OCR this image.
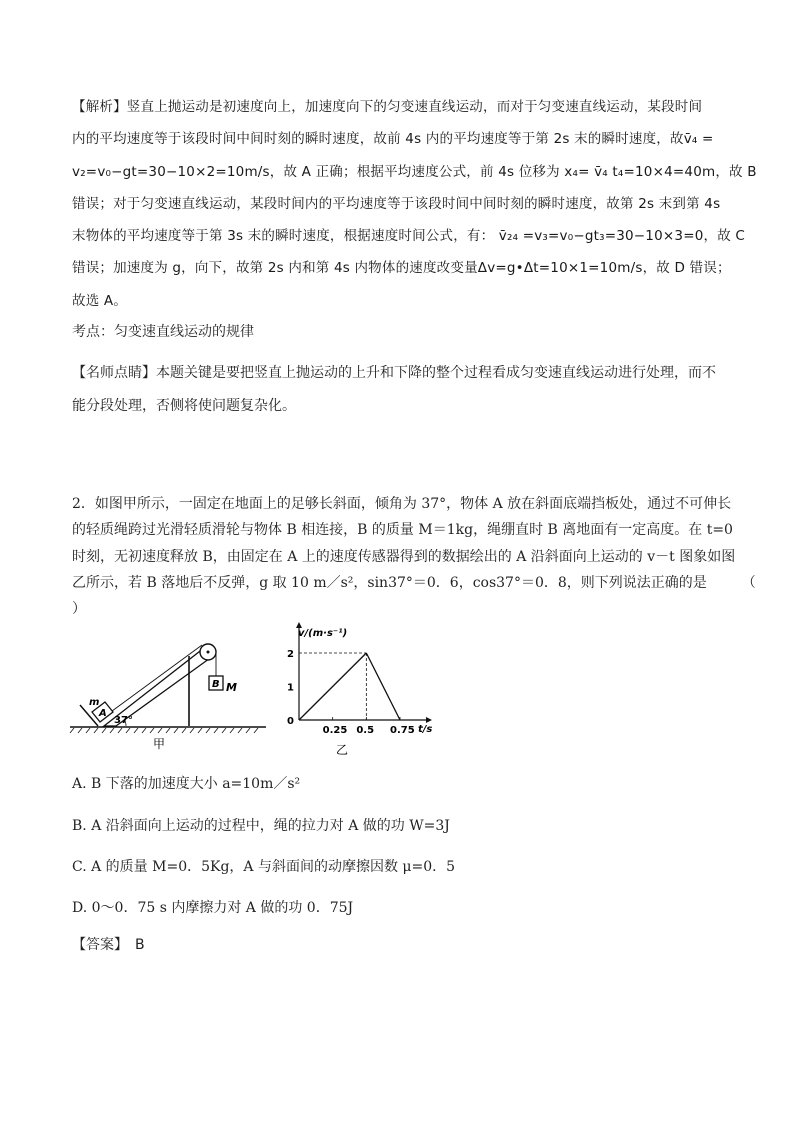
【解析】竖直上抛运动是初速度向上，加速度向下的匀变速直线运动，而对于匀变速直线运动，某段时间
内的平均速度等于该段时间中间时刻的瞬时速度，故前 4s 内的平均速度等于第 2s 末的瞬时速度，故v̄₄ =
v₂=v₀−gt=30−10×2=10m/s，故 A 正确；根据平均速度公式，前 4s 位移为 x₄= v̄₄ t₄=10×4=40m，故 B
错误；对于匀变速直线运动，某段时间内的平均速度等于该段时间中间时刻的瞬时速度，故第 2s 末到第 4s
末物体的平均速度等于第 3s 末的瞬时速度，根据速度时间公式，有： v̄₂₄ =v₃=v₀−gt₃=30−10×3=0，故 C
错误；加速度为 g，向下，故第 2s 内和第 4s 内物体的速度改变量Δv=g•Δt=10×1=10m/s，故 D 错误；
故选 A。
考点：匀变速直线运动的规律
【名师点睛】本题关键是要把竖直上抛运动的上升和下降的整个过程看成匀变速直线运动进行处理，而不
能分段处理，否侧将使问题复杂化。
2．如图甲所示，一固定在地面上的足够长斜面，倾角为 37°，物体 A 放在斜面底端挡板处，通过不可伸长
的轻质绳跨过光滑轻质滑轮与物体 B 相连接，B 的质量 M＝1kg，绳绷直时 B 离地面有一定高度。在 t=0
时刻，无初速度释放 B，由固定在 A 上的速度传感器得到的数据绘出的 A 沿斜面向上运动的 v－t 图象如图
乙所示，若 B 落地后不反弹，g 取 10 m／s²，sin37°＝0．6，cos37°＝0．8，则下列说法正确的是　　　（
）
A
m
37°
B M
甲
v/(m·s⁻¹)
t/s
乙
0.25 0.5 0.75
0
1
2
A. B 下落的加速度大小 a=10m／s²
B. A 沿斜面向上运动的过程中，绳的拉力对 A 做的功 W=3J
C. A 的质量 M=0．5Kg，A 与斜面间的动摩擦因数 μ=0．5
D. 0～0．75 s 内摩擦力对 A 做的功 0．75J
【答案】　B
